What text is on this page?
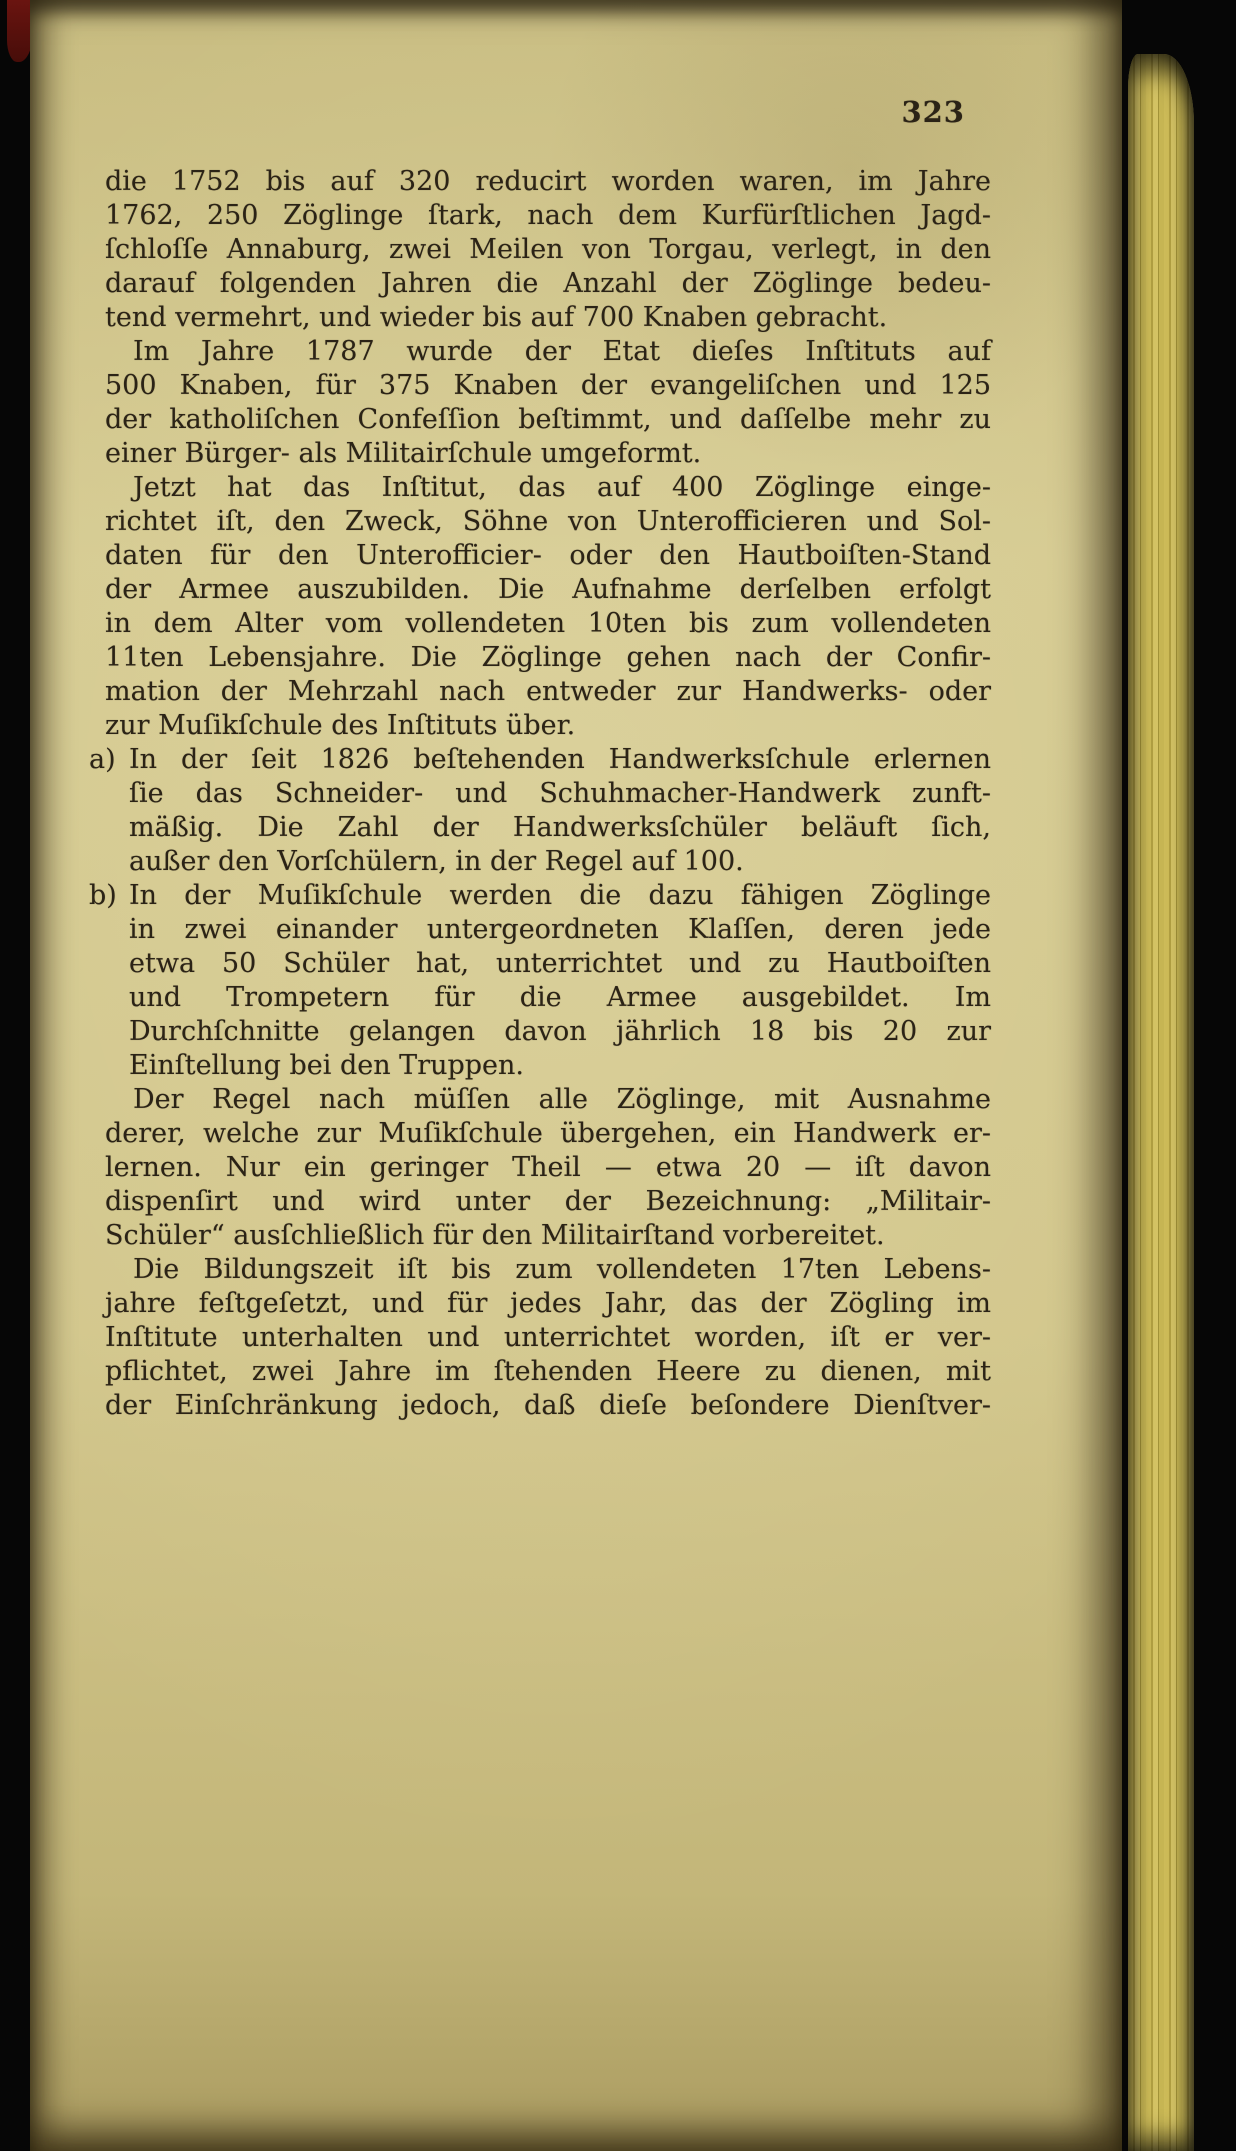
323
die 1752 bis auf 320 reducirt worden waren, im Jahre
1762, 250 Zöglinge ſtark, nach dem Kurfürſtlichen Jagd-
ſchloſſe Annaburg, zwei Meilen von Torgau, verlegt, in den
darauf folgenden Jahren die Anzahl der Zöglinge bedeu-
tend vermehrt, und wieder bis auf 700 Knaben gebracht.
Im Jahre 1787 wurde der Etat dieſes Inſtituts auf
500 Knaben, für 375 Knaben der evangeliſchen und 125
der katholiſchen Confeſſion beſtimmt, und daſſelbe mehr zu
einer Bürger- als Militairſchule umgeformt.
Jetzt hat das Inſtitut, das auf 400 Zöglinge einge-
richtet iſt, den Zweck, Söhne von Unterofficieren und Sol-
daten für den Unterofficier- oder den Hautboiſten-Stand
der Armee auszubilden. Die Aufnahme derſelben erfolgt
in dem Alter vom vollendeten 10ten bis zum vollendeten
11ten Lebensjahre. Die Zöglinge gehen nach der Confir-
mation der Mehrzahl nach entweder zur Handwerks- oder
zur Muſikſchule des Inſtituts über.
a) In der ſeit 1826 beſtehenden Handwerksſchule erlernen
ſie das Schneider- und Schuhmacher-Handwerk zunft-
mäßig. Die Zahl der Handwerksſchüler beläuft ſich,
außer den Vorſchülern, in der Regel auf 100.
b) In der Muſikſchule werden die dazu fähigen Zöglinge
in zwei einander untergeordneten Klaſſen, deren jede
etwa 50 Schüler hat, unterrichtet und zu Hautboiſten
und Trompetern für die Armee ausgebildet. Im
Durchſchnitte gelangen davon jährlich 18 bis 20 zur
Einſtellung bei den Truppen.
Der Regel nach müſſen alle Zöglinge, mit Ausnahme
derer, welche zur Muſikſchule übergehen, ein Handwerk er-
lernen. Nur ein geringer Theil — etwa 20 — iſt davon
dispenſirt und wird unter der Bezeichnung: „Militair-
Schüler“ ausſchließlich für den Militairſtand vorbereitet.
Die Bildungszeit iſt bis zum vollendeten 17ten Lebens-
jahre feſtgeſetzt, und für jedes Jahr, das der Zögling im
Inſtitute unterhalten und unterrichtet worden, iſt er ver-
pflichtet, zwei Jahre im ſtehenden Heere zu dienen, mit
der Einſchränkung jedoch, daß dieſe beſondere Dienſtver-
